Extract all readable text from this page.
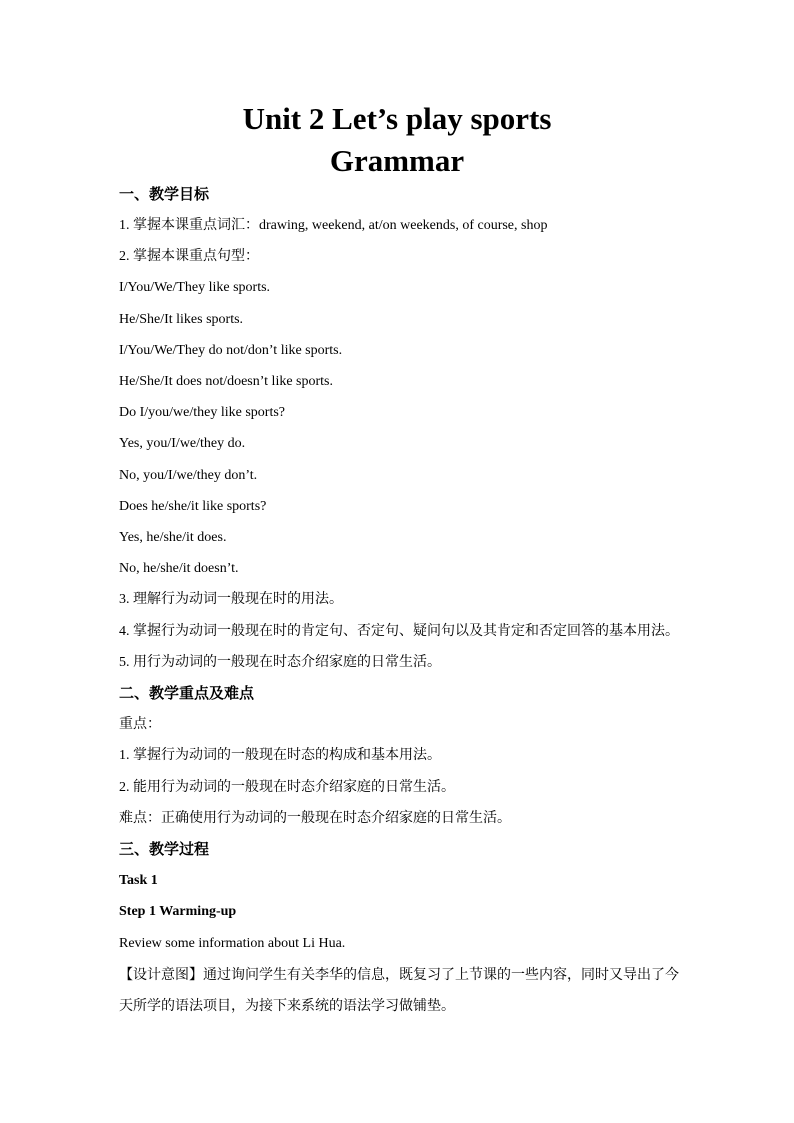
Unit 2 Let’s play sports
Grammar
一、教学目标
1. 掌握本课重点词汇：drawing, weekend, at/on weekends, of course, shop
2. 掌握本课重点句型：
I/You/We/They like sports.
He/She/It likes sports.
I/You/We/They do not/don’t like sports.
He/She/It does not/doesn’t like sports.
Do I/you/we/they like sports?
Yes, you/I/we/they do.
No, you/I/we/they don’t.
Does he/she/it like sports?
Yes, he/she/it does.
No, he/she/it doesn’t.
3. 理解行为动词一般现在时的用法。
4. 掌握行为动词一般现在时的肯定句、否定句、疑问句以及其肯定和否定回答的基本用法。
5. 用行为动词的一般现在时态介绍家庭的日常生活。
二、教学重点及难点
重点：
1. 掌握行为动词的一般现在时态的构成和基本用法。
2. 能用行为动词的一般现在时态介绍家庭的日常生活。
难点：正确使用行为动词的一般现在时态介绍家庭的日常生活。
三、教学过程
Task 1
Step 1 Warming-up
Review some information about Li Hua.
【设计意图】通过询问学生有关李华的信息，既复习了上节课的一些内容，同时又导出了今天所学的语法项目，为接下来系统的语法学习做铺垫。
